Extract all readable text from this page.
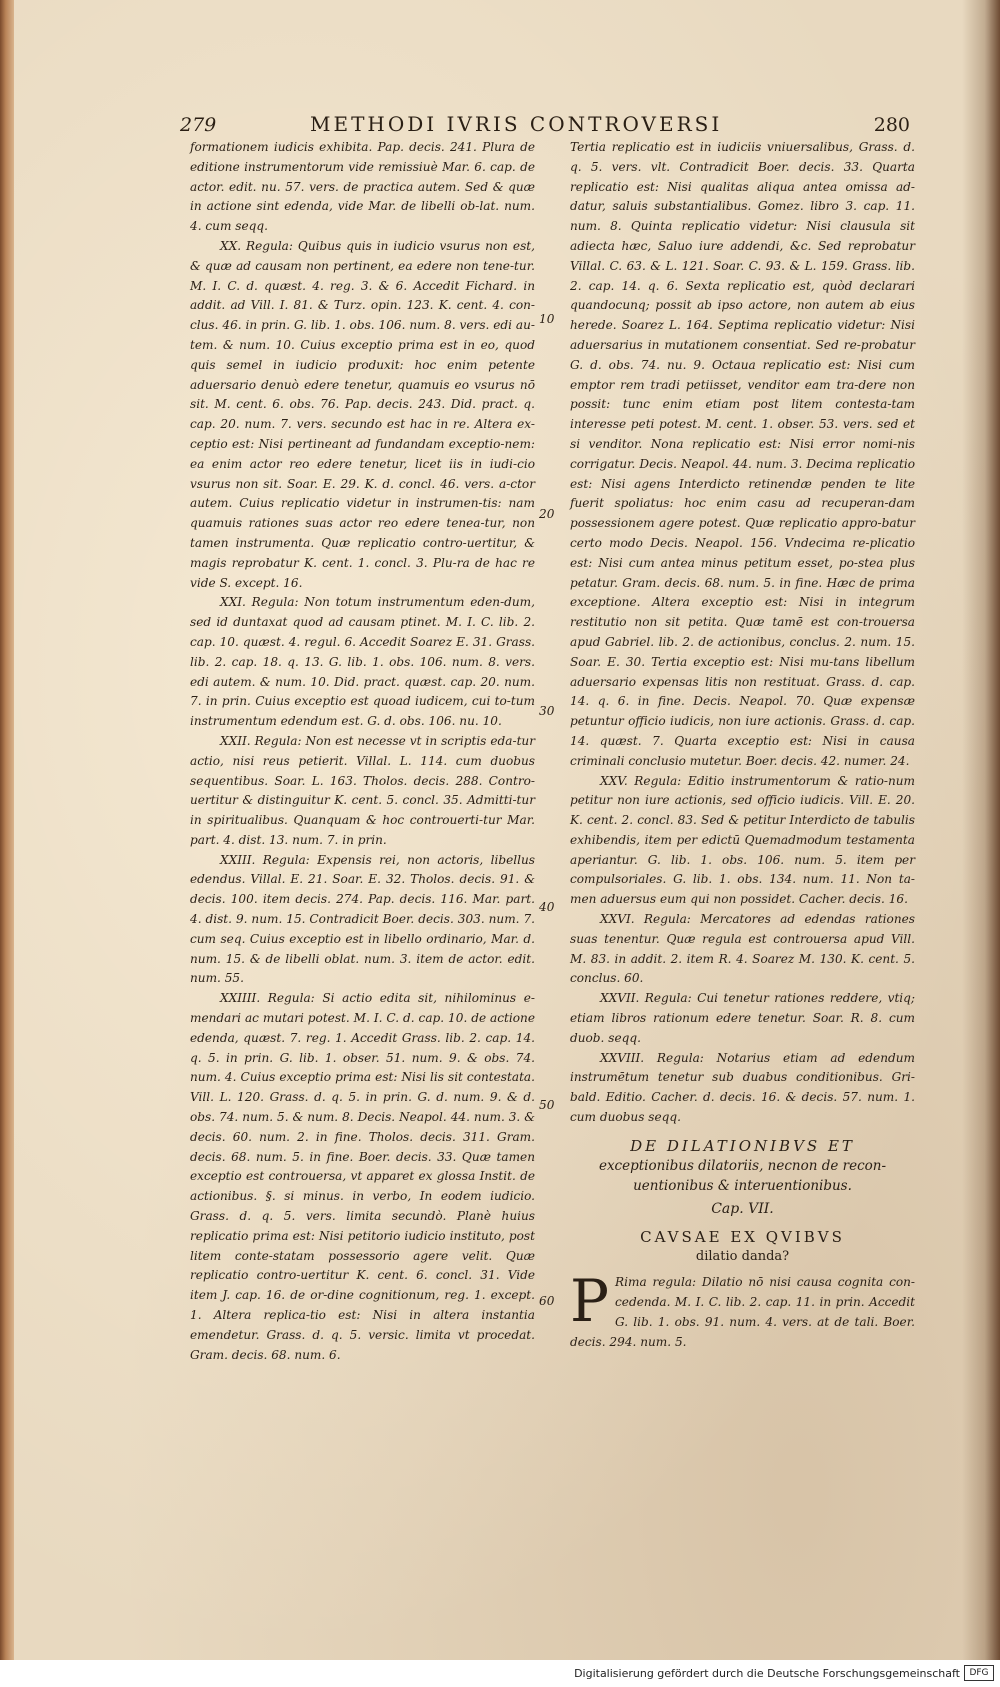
279	METHODI IVRIS CONTROVERSI	280

formationem iudicis exhibita. Pap. decis. 241. Plura de editione instrumentorum vide remissiuè Mar. 6. cap. de actor. edit. nu. 57. vers. de practica autem. Sed & quæ in actione sint edenda, vide Mar. de libelli ob-lat. num. 4. cum seqq.

XX. Regula: Quibus quis in iudicio vsurus non est, & quæ ad causam non pertinent, ea edere non tene-tur. M. I. C. d. quæst. 4. reg. 3. & 6. Accedit Fichard. in addit. ad Vill. I. 81. & Turz. opin. 123. K. cent. 4. con-clus. 46. in prin. G. lib. 1. obs. 106. num. 8. vers. edi au-tem. & num. 10. Cuius exceptio prima est in eo, quod quis semel in iudicio produxit: hoc enim petente aduersario denuò edere tenetur, quamuis eo vsurus nō sit. M. cent. 6. obs. 76. Pap. decis. 243. Did. pract. q. cap. 20. num. 7. vers. secundo est hac in re. Altera ex-ceptio est: Nisi pertineant ad fundandam exceptio-nem: ea enim actor reo edere tenetur, licet iis in iudi-cio vsurus non sit. Soar. E. 29. K. d. concl. 46. vers. a-ctor autem. Cuius replicatio videtur in instrumen-tis: nam quamuis rationes suas actor reo edere tenea-tur, non tamen instrumenta. Quæ replicatio contro-uertitur, & magis reprobatur K. cent. 1. concl. 3. Plu-ra de hac re vide S. except. 16.

XXI. Regula: Non totum instrumentum eden-dum, sed id duntaxat quod ad causam ptinet. M. I. C. lib. 2. cap. 10. quæst. 4. regul. 6. Accedit Soarez E. 31. Grass. lib. 2. cap. 18. q. 13. G. lib. 1. obs. 106. num. 8. vers. edi autem. & num. 10. Did. pract. quæst. cap. 20. num. 7. in prin. Cuius exceptio est quoad iudicem, cui to-tum instrumentum edendum est. G. d. obs. 106. nu. 10.

XXII. Regula: Non est necesse vt in scriptis eda-tur actio, nisi reus petierit. Villal. L. 114. cum duobus sequentibus. Soar. L. 163. Tholos. decis. 288. Contro-uertitur & distinguitur K. cent. 5. concl. 35. Admitti-tur in spiritualibus. Quanquam & hoc controuerti-tur Mar. part. 4. dist. 13. num. 7. in prin.

XXIII. Regula: Expensis rei, non actoris, libellus edendus. Villal. E. 21. Soar. E. 32. Tholos. decis. 91. & decis. 100. item decis. 274. Pap. decis. 116. Mar. part. 4. dist. 9. num. 15. Contradicit Boer. decis. 303. num. 7. cum seq. Cuius exceptio est in libello ordinario, Mar. d. num. 15. & de libelli oblat. num. 3. item de actor. edit. num. 55.

XXIIII. Regula: Si actio edita sit, nihilominus e-mendari ac mutari potest. M. I. C. d. cap. 10. de actione edenda, quæst. 7. reg. 1. Accedit Grass. lib. 2. cap. 14. q. 5. in prin. G. lib. 1. obser. 51. num. 9. & obs. 74. num. 4. Cuius exceptio prima est: Nisi lis sit contestata. Vill. L. 120. Grass. d. q. 5. in prin. G. d. num. 9. & d. obs. 74. num. 5. & num. 8. Decis. Neapol. 44. num. 3. & decis. 60. num. 2. in fine. Tholos. decis. 311. Gram. decis. 68. num. 5. in fine. Boer. decis. 33. Quæ tamen exceptio est controuersa, vt apparet ex glossa Instit. de actionibus. §. si minus. in verbo, In eodem iudicio. Grass. d. q. 5. vers. limita secundò. Planè huius replicatio prima est: Nisi petitorio iudicio instituto, post litem conte-statam possessorio agere velit. Quæ replicatio contro-uertitur K. cent. 6. concl. 31. Vide item J. cap. 16. de or-dine cognitionum, reg. 1. except. 1. Altera replica-tio est: Nisi in altera instantia emendetur. Grass. d. q. 5. versic. limita vt procedat. Gram. decis. 68. num. 6.

10
20
30
40
50
60

Tertia replicatio est in iudiciis vniuersalibus, Grass. d. q. 5. vers. vlt. Contradicit Boer. decis. 33. Quarta replicatio est: Nisi qualitas aliqua antea omissa ad-datur, saluis substantialibus. Gomez. libro 3. cap. 11. num. 8. Quinta replicatio videtur: Nisi clausula sit adiecta hæc, Saluo iure addendi, &c. Sed reprobatur Villal. C. 63. & L. 121. Soar. C. 93. & L. 159. Grass. lib. 2. cap. 14. q. 6. Sexta replicatio est, quòd declarari quandocunq; possit ab ipso actore, non autem ab eius herede. Soarez L. 164. Septima replicatio videtur: Nisi aduersarius in mutationem consentiat. Sed re-probatur G. d. obs. 74. nu. 9. Octaua replicatio est: Nisi cum emptor rem tradi petiisset, venditor eam tra-dere non possit: tunc enim etiam post litem contesta-tam interesse peti potest. M. cent. 1. obser. 53. vers. sed et si venditor. Nona replicatio est: Nisi error nomi-nis corrigatur. Decis. Neapol. 44. num. 3. Decima replicatio est: Nisi agens Interdicto retinendæ penden te lite fuerit spoliatus: hoc enim casu ad recuperan-dam possessionem agere potest. Quæ replicatio appro-batur certo modo Decis. Neapol. 156. Vndecima re-plicatio est: Nisi cum antea minus petitum esset, po-stea plus petatur. Gram. decis. 68. num. 5. in fine. Hæc de prima exceptione. Altera exceptio est: Nisi in integrum restitutio non sit petita. Quæ tamē est con-trouersa apud Gabriel. lib. 2. de actionibus, conclus. 2. num. 15. Soar. E. 30. Tertia exceptio est: Nisi mu-tans libellum aduersario expensas litis non restituat. Grass. d. cap. 14. q. 6. in fine. Decis. Neapol. 70. Quæ expensæ petuntur officio iudicis, non iure actionis. Grass. d. cap. 14. quæst. 7. Quarta exceptio est: Nisi in causa criminali conclusio mutetur. Boer. decis. 42. numer. 24.

XXV. Regula: Editio instrumentorum & ratio-num petitur non iure actionis, sed officio iudicis. Vill. E. 20. K. cent. 2. concl. 83. Sed & petitur Interdicto de tabulis exhibendis, item per edictū Quemadmodum testamenta aperiantur. G. lib. 1. obs. 106. num. 5. item per compulsoriales. G. lib. 1. obs. 134. num. 11. Non ta-men aduersus eum qui non possidet. Cacher. decis. 16.

XXVI. Regula: Mercatores ad edendas rationes suas tenentur. Quæ regula est controuersa apud Vill. M. 83. in addit. 2. item R. 4. Soarez M. 130. K. cent. 5. conclus. 60.

XXVII. Regula: Cui tenetur rationes reddere, vtiq; etiam libros rationum edere tenetur. Soar. R. 8. cum duob. seqq.

XXVIII. Regula: Notarius etiam ad edendum instrumētum tenetur sub duabus conditionibus. Gri-bald. Editio. Cacher. d. decis. 16. & decis. 57. num. 1. cum duobus seqq.

DE DILATIONIBVS ET
exceptionibus dilatoriis, necnon de recon-uentionibus & interuentionibus.
Cap. VII.
CAVSAE EX QVIBVS
dilatio danda?

P Rima regula: Dilatio nō nisi causa cognita con-cedenda. M. I. C. lib. 2. cap. 11. in prin. Accedit G. lib. 1. obs. 91. num. 4. vers. at de tali. Boer. decis. 294. num. 5.

Digitalisierung gefördert durch die Deutsche Forschungsgemeinschaft	DFG
